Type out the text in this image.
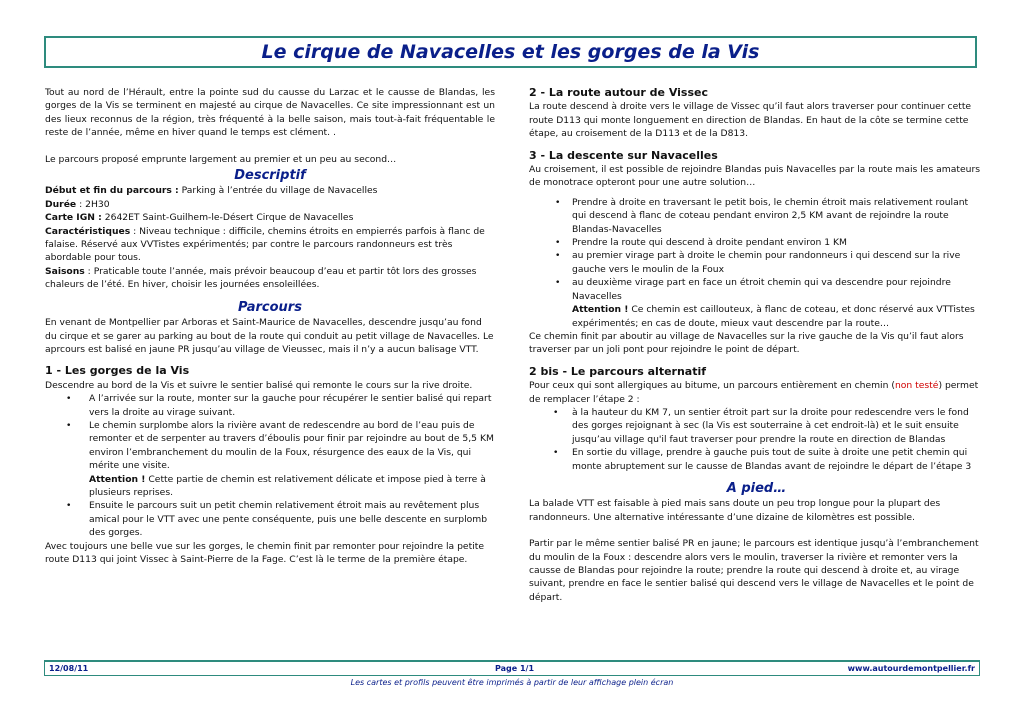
Le cirque de Navacelles et les gorges de la Vis

Tout au nord de l’Hérault, entre la pointe sud du causse du Larzac et le causse de Blandas, les gorges de la Vis se terminent en majesté au cirque de Navacelles. Ce site impressionnant est un des lieux reconnus de la région, très fréquenté à la belle saison, mais tout-à-fait fréquentable le reste de l’année, même en hiver quand le temps est clément. .

Le parcours proposé emprunte largement au premier et un peu au second…

Descriptif

Début et fin du parcours : Parking à l’entrée du village de Navacelles

Durée : 2H30

Carte IGN : 2642ET Saint-Guilhem-le-Désert Cirque de Navacelles

Caractéristiques : Niveau technique : difficile, chemins étroits en empierrés parfois à flanc de falaise. Réservé aux VVTistes expérimentés; par contre le parcours randonneurs est très abordable pour tous.

Saisons : Praticable toute l’année, mais prévoir beaucoup d’eau et partir tôt lors des grosses chaleurs de l’été. En hiver, choisir les journées ensoleillées.

Parcours

En venant de Montpellier par Arboras et Saint-Maurice de Navacelles, descendre jusqu’au fond du cirque et se garer au parking au bout de la route qui conduit au petit village de Navacelles. Le aprcours est balisé en jaune PR jusqu’au village de Vieussec, mais il n’y a aucun balisage VTT.

1 - Les gorges de la Vis

Descendre au bord de la Vis et suivre le sentier balisé qui remonte le cours sur la rive droite.

• A l’arrivée sur la route, monter sur la gauche pour récupérer le sentier balisé qui repart vers la droite au virage suivant.
• Le chemin surplombe alors la rivière avant de redescendre au bord de l’eau puis de remonter et de serpenter au travers d’éboulis pour finir par rejoindre au bout de 5,5 KM environ l’embranchement du moulin de la Foux, résurgence des eaux de la Vis, qui mérite une visite.

Attention ! Cette partie de chemin est relativement délicate et impose pied à terre à plusieurs reprises.

• Ensuite le parcours suit un petit chemin relativement étroit mais au revêtement plus amical pour le VTT avec une pente conséquente, puis une belle descente en surplomb des gorges.

Avec toujours une belle vue sur les gorges, le chemin finit par remonter pour rejoindre la petite route D113 qui joint Vissec à Saint-Pierre de la Fage. C’est là le terme de la première étape.

2 - La route autour de Vissec

La route descend à droite vers le village de Vissec qu’il faut alors traverser pour continuer cette route D113 qui monte longuement en direction de Blandas. En haut de la côte se termine cette étape, au croisement de la D113 et de la D813.

3 - La descente sur Navacelles

Au croisement, il est possible de rejoindre Blandas puis Navacelles par la route mais les amateurs de monotrace opteront pour une autre solution…

• Prendre à droite en traversant le petit bois, le chemin étroit mais relativement roulant qui descend à flanc de coteau pendant environ 2,5 KM avant de rejoindre la route Blandas-Navacelles
• Prendre la route qui descend à droite pendant environ 1 KM
• au premier virage part à droite le chemin pour randonneurs i qui descend sur la rive gauche vers le moulin de la Foux
• au deuxième virage part en face un étroit chemin qui va descendre pour rejoindre Navacelles

Attention ! Ce chemin est caillouteux, à flanc de coteau, et donc réservé aux VTTistes expérimentés; en cas de doute, mieux vaut descendre par la route…

Ce chemin finit par aboutir au village de Navacelles sur la rive gauche de la Vis qu’il faut alors traverser par un joli pont pour rejoindre le point de départ.

2 bis - Le parcours alternatif

Pour ceux qui sont allergiques au bitume, un parcours entièrement en chemin (non testé) permet de remplacer l’étape 2 :

• à la hauteur du KM 7, un sentier étroit part sur la droite pour redescendre vers le fond des gorges rejoignant à sec (la Vis est souterraine à cet endroit-là) et le suit ensuite jusqu’au village qu'il faut traverser pour prendre la route en direction de Blandas
• En sortie du village, prendre à gauche puis tout de suite à droite une petit chemin qui monte abruptement sur le causse de Blandas avant de rejoindre le départ de l’étape 3
A pied…

La balade VTT est faisable à pied mais sans doute un peu trop longue pour la plupart des randonneurs. Une alternative intéressante d’une dizaine de kilomètres est possible.

Partir par le même sentier balisé PR en jaune; le parcours est identique jusqu’à l’embranchement du moulin de la Foux : descendre alors vers le moulin, traverser la rivière et remonter vers la causse de Blandas pour rejoindre la route; prendre la route qui descend à droite et, au virage suivant, prendre en face le sentier balisé qui descend vers le village de Navacelles et le point de départ.

12/08/11	Page 1/1	www.autourdemontpellier.fr
Les cartes et profils peuvent être imprimés à partir de leur affichage plein écran
